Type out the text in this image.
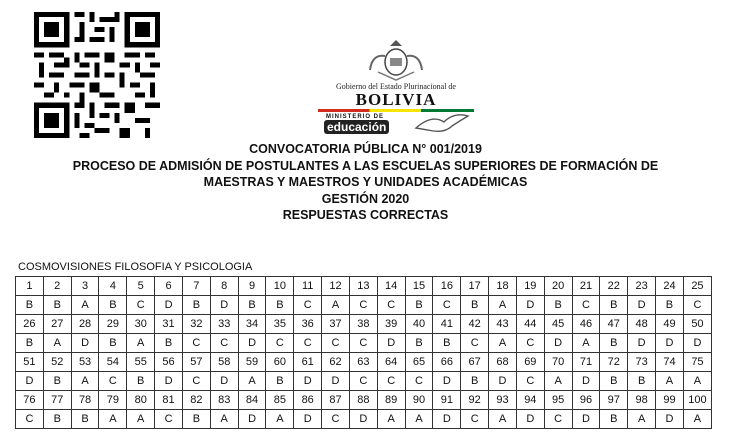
Gobierno del Estado Plurinacional de
BOLIVIA
MINISTERIO DE
educación
CONVOCATORIA PÚBLICA N° 001/2019
PROCESO DE ADMISIÓN DE POSTULANTES A LAS ESCUELAS SUPERIORES DE FORMACIÓN DE
MAESTRAS Y MAESTROS Y UNIDADES ACADÉMICAS
GESTIÓN 2020
RESPUESTAS CORRECTAS
COSMOVISIONES FILOSOFIA Y PSICOLOGIA
1	2	3	4	5	6	7	8	9	10	11	12	13	14	15	16	17	18	19	20	21	22	23	24	25
B	B	A	B	C	D	B	D	B	B	C	A	C	C	B	C	B	A	D	B	C	B	D	B	C
26	27	28	29	30	31	32	33	34	35	36	37	38	39	40	41	42	43	44	45	46	47	48	49	50
B	A	D	B	A	B	C	C	D	C	C	C	C	D	B	B	C	A	C	D	A	B	D	D	D
51	52	53	54	55	56	57	58	59	60	61	62	63	64	65	66	67	68	69	70	71	72	73	74	75
D	B	A	C	B	D	C	D	A	B	D	D	C	C	C	D	B	D	C	A	D	B	B	A	A
76	77	78	79	80	81	82	83	84	85	86	87	88	89	90	91	92	93	94	95	96	97	98	99	100
C	B	B	A	A	C	B	A	D	A	D	C	D	A	A	D	C	A	D	C	D	B	A	D	A
